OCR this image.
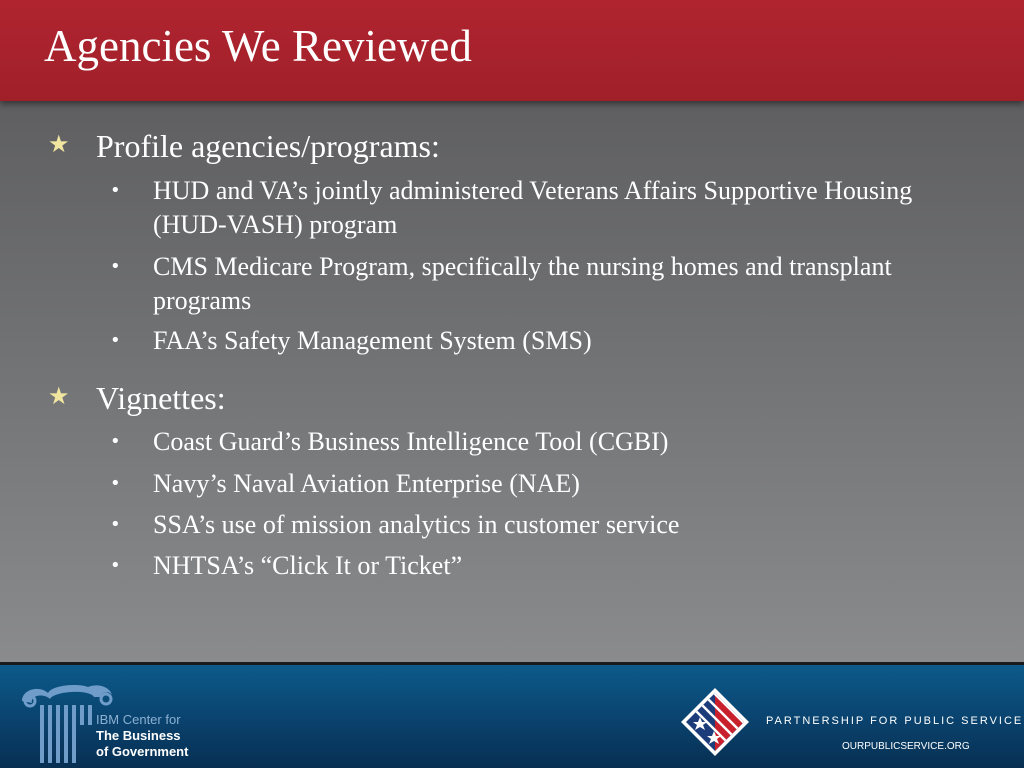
Agencies We Reviewed
★ Profile agencies/programs:
• HUD and VA’s jointly administered Veterans Affairs Supportive Housing (HUD-VASH) program
• CMS Medicare Program, specifically the nursing homes and transplant programs
• FAA’s Safety Management System (SMS)
★ Vignettes:
• Coast Guard’s Business Intelligence Tool (CGBI)
• Navy’s Naval Aviation Enterprise (NAE)
• SSA’s use of mission analytics in customer service
• NHTSA’s “Click It or Ticket”
IBM Center for
The Business
of Government
PARTNERSHIP FOR PUBLIC SERVICE
OURPUBLICSERVICE.ORG
